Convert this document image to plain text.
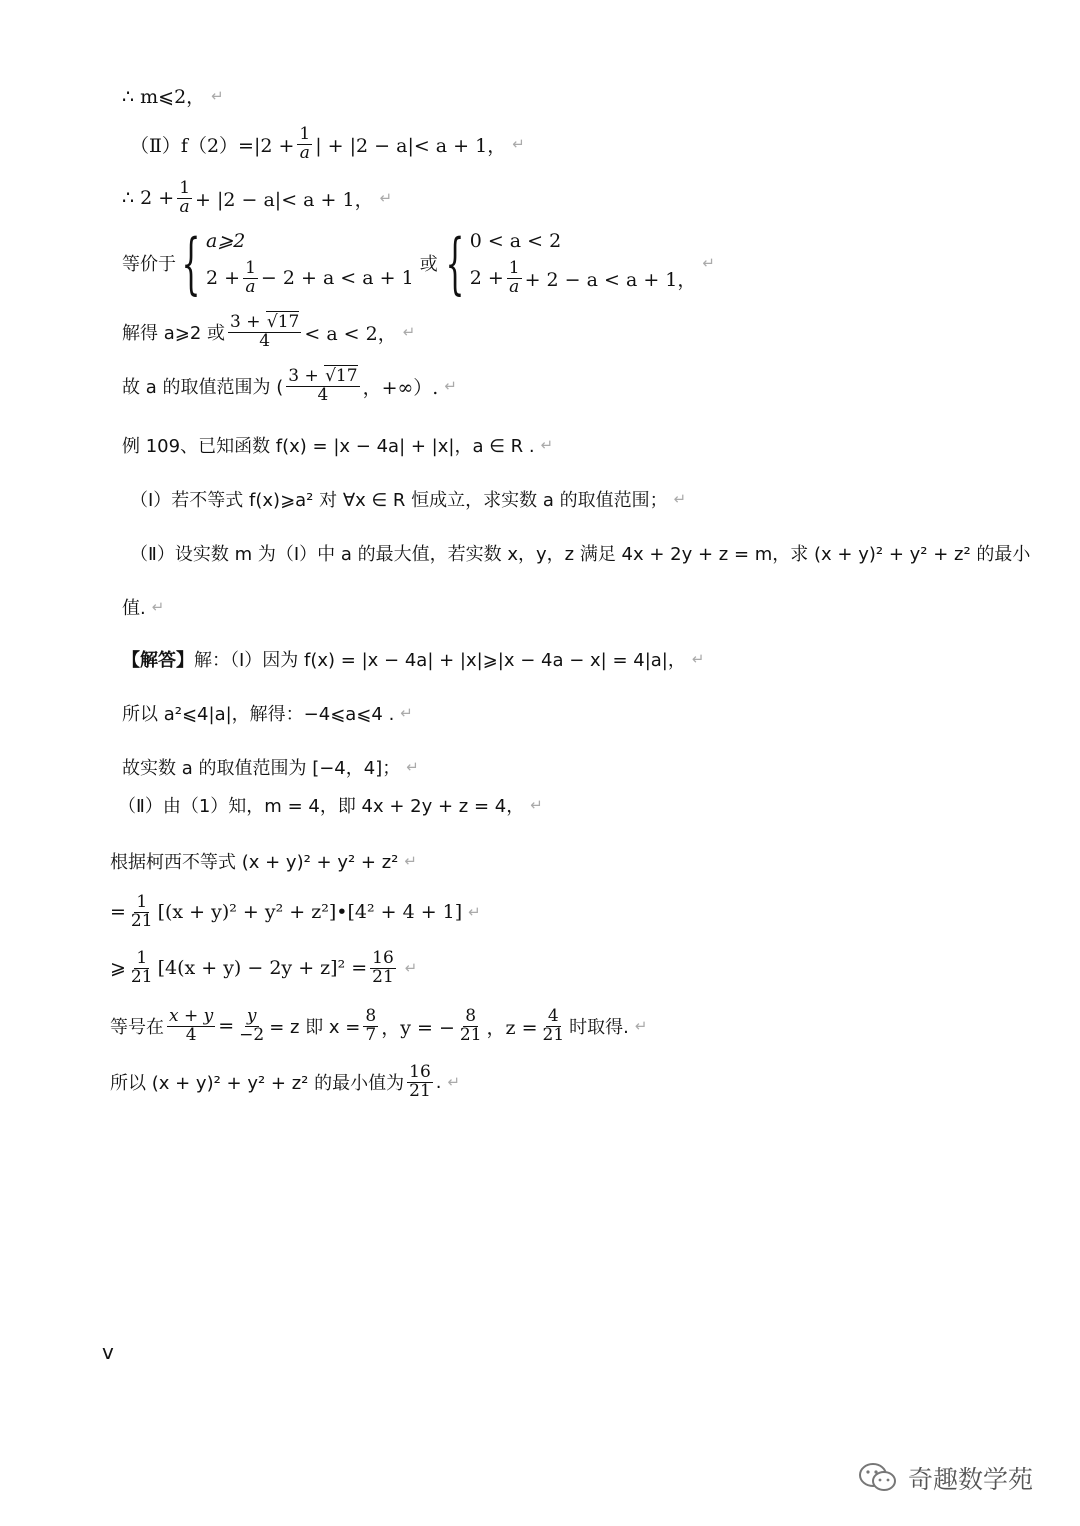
∴ m⩽2， ↵
（Ⅱ）f（2）=|2 + $\frac{1}{a}$ | + |2 − a|< a + 1， ↵
∴ $2 + \frac{1}{a} + |2 - a|< a + 1$， ↵
等价于 { a⩾2
$2 + \frac{1}{a} - 2 + a < a + 1$
或 { 0 < a < 2
$2 + \frac{1}{a} + 2 - a < a + 1$，
↵
解得 a⩾2 或 $\frac{3 + √17}{4} < a < 2$， ↵
故 a 的取值范围为 ( $\frac{3 + √17}{4}$ ，+∞）. ↵
例 109、已知函数 f(x) = |x − 4a| + |x|，a ∈ R . ↵
（Ⅰ）若不等式 f(x)⩾a² 对 ∀x ∈ R 恒成立，求实数 a 的取值范围； ↵
（Ⅱ）设实数 m 为（Ⅰ）中 a 的最大值，若实数 x，y，z 满足 4x + 2y + z = m，求 (x + y)² + y² + z² 的最小
值. ↵
【解答】 解：（Ⅰ）因为 f(x) = |x − 4a| + |x|⩾|x − 4a − x| = 4|a|， ↵
所以 a²⩽4|a|，解得：−4⩽a⩽4 . ↵
故实数 a 的取值范围为 [−4，4]； ↵
（Ⅱ）由（1）知，m = 4，即 4x + 2y + z = 4， ↵
根据柯西不等式 (x + y)² + y² + z² ↵
= $\frac{1}{21} [(x + y)^2 + y^2$ + z²]•[4² + 4 + 1] ↵
⩾ $\frac{1}{21} [4(x + y) - 2y + z]^2 = \frac{16}{21}$ ↵
等号在 $\frac{x + y}{4} = \frac{y}{-2} = z$ 即 $x = \frac{8}{7}$ ，y = − $\frac{8}{21}$ ，$z = \frac{4}{21}$ 时取得. ↵
所以 (x + y)² + y² + z² 的最小值为 $\frac{16}{21}$ . ↵
v
奇趣数学苑
